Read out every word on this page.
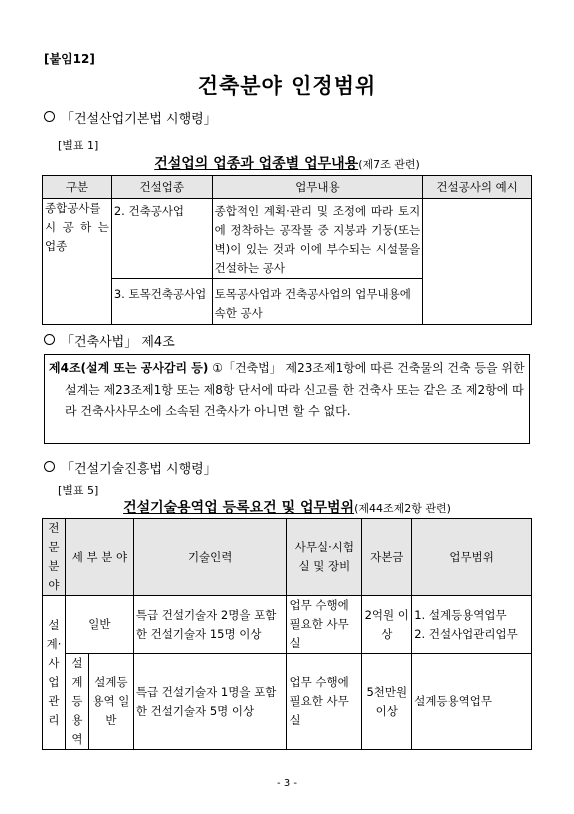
[붙임12]
건축분야 인정범위
「건설산업기본법 시행령」
[별표 1]
건설업의 업종과 업종별 업무내용(제7조 관련)
구분	건설업종	업무내용	건설공사의 예시
종합공사를 시 공 하 는 업종	2. 건축공사업	종합적인 계획·관리 및 조정에 따라 토지에 정착하는 공작물 중 지붕과 기둥(또는 벽)이 있는 것과 이에 부수되는 시설물을 건설하는 공사	
	3. 토목건축공사업	토목공사업과 건축공사업의 업무내용에 속한 공사	
「건축사법」 제4조

제4조(설계 또는 공사감리 등) ①「건축법」 제23조제1항에 따른 건축물의 건축 등을 위한 설계는 제23조제1항 또는 제8항 단서에 따라 신고를 한 건축사 또는 같은 조 제2항에 따라 건축사사무소에 소속된 건축사가 아니면 할 수 없다.

「건설기술진흥법 시행령」
[별표 5]
건설기술용역업 등록요건 및 업무범위(제44조제2항 관련)
전문분야	세 부 분 야		기술인력	사무실·시험 실 및 장비	자본금	업무범위
설계·사업관리	일반		특급 건설기술자 2명을 포함한 건설기술자 15명 이상	업무 수행에 필요한 사무실	2억원 이상	1. 설계등용역업무
2. 건설사업관리업무

	설계등용역	설계등 용역 일반	특급 건설기술자 1명을 포함한 건설기술자 5명 이상	업무 수행에 필요한 사무실	5천만원 이상	설계등용역업무
- 3 -
